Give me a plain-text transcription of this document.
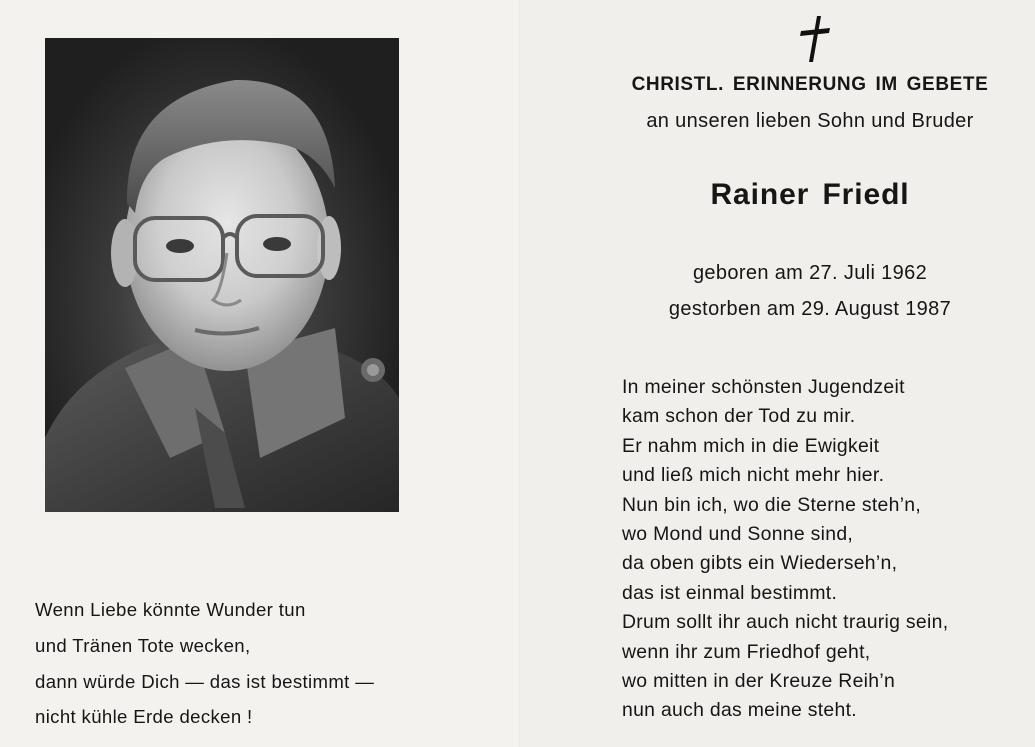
Wenn Liebe könnte Wunder tun
und Tränen Tote wecken,
dann würde Dich — das ist bestimmt —
nicht kühle Erde decken !
CHRISTL. ERINNERUNG IM GEBETE
an unseren lieben Sohn und Bruder
Rainer Friedl
geboren am 27. Juli 1962
gestorben am 29. August 1987
In meiner schönsten Jugendzeit
kam schon der Tod zu mir.
Er nahm mich in die Ewigkeit
und ließ mich nicht mehr hier.
Nun bin ich, wo die Sterne steh’n,
wo Mond und Sonne sind,
da oben gibts ein Wiederseh’n,
das ist einmal bestimmt.
Drum sollt ihr auch nicht traurig sein,
wenn ihr zum Friedhof geht,
wo mitten in der Kreuze Reih’n
nun auch das meine steht.
